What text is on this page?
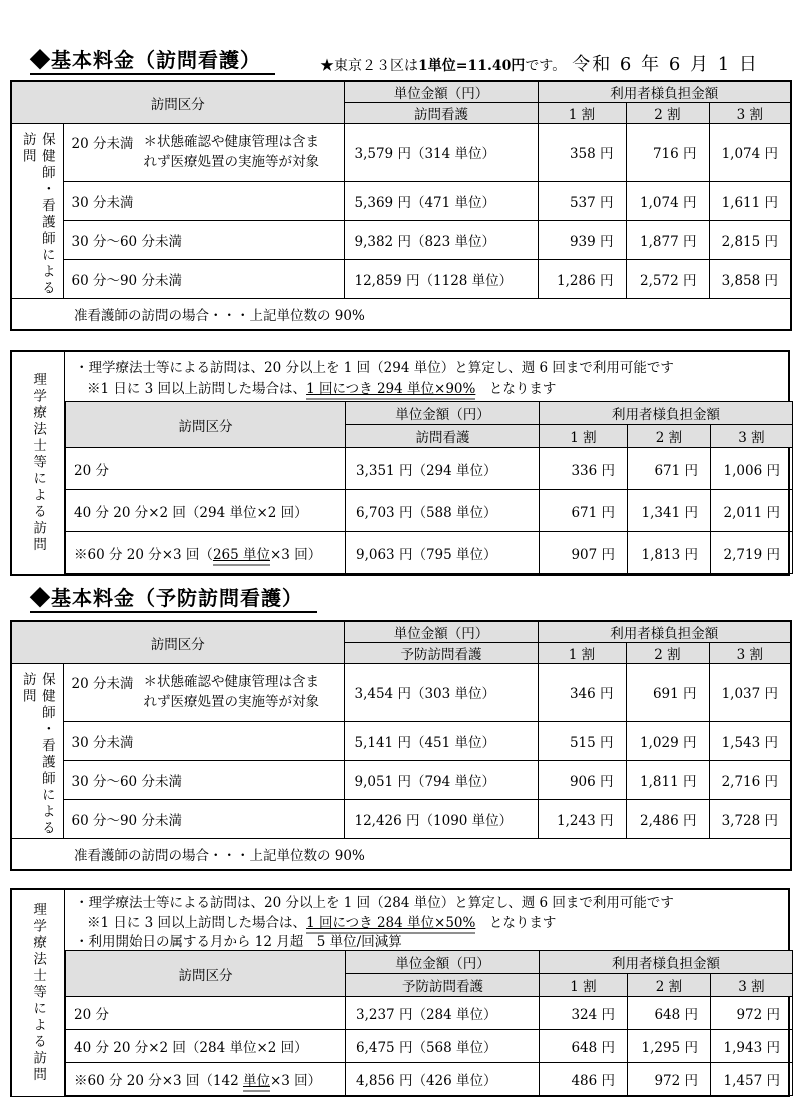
◆基本料金（訪問看護）	★東京２３区は1単位=11.40円です。 令和 6 年 6 月 1 日
訪問区分		単位金額（円）	利用者様負担金額		
		訪問看護	1 割	2 割	3 割

訪問 保健師・看護師による	20 分未満 ＊状態確認や健康管理は含まれず医療処置の実施等が対象	3,579 円（314 単位）	358 円	716 円	1,074 円
	30 分未満	5,369 円（471 単位）	537 円	1,074 円	1,611 円
	30 分～60 分未満	9,382 円（823 単位）	939 円	1,877 円	2,815 円
	60 分～90 分未満	12,859 円（1128 単位）	1,286 円	2,572 円	3,858 円
准看護師の訪問の場合・・・上記単位数の 90%					
理学療法士等による訪問
・理学療法士等による訪問は、20 分以上を 1 回（294 単位）と算定し、週 6 回まで利用可能です
※1 日に 3 回以上訪問した場合は、1 回につき 294 単位×90%　となります
訪問区分	単位金額（円）	利用者様負担金額		
	訪問看護	1 割	2 割	3 割
20 分	3,351 円（294 単位）	336 円	671 円	1,006 円
40 分 20 分×2 回（294 単位×2 回）	6,703 円（588 単位）	671 円	1,341 円	2,011 円
※60 分 20 分×3 回（265 単位×3 回）	9,063 円（795 単位）	907 円	1,813 円	2,719 円
◆基本料金（予防訪問看護）
訪問区分		単位金額（円）	利用者様負担金額		
		予防訪問看護	1 割	2 割	3 割

訪問 保健師・看護師による	20 分未満 ＊状態確認や健康管理は含まれず医療処置の実施等が対象	3,454 円（303 単位）	346 円	691 円	1,037 円
	30 分未満	5,141 円（451 単位）	515 円	1,029 円	1,543 円
	30 分～60 分未満	9,051 円（794 単位）	906 円	1,811 円	2,716 円
	60 分～90 分未満	12,426 円（1090 単位）	1,243 円	2,486 円	3,728 円
准看護師の訪問の場合・・・上記単位数の 90%					
理学療法士等による訪問 ・理学療法士等による訪問は、20 分以上を 1 回（284 単位）と算定し、週 6 回まで利用可能です
※1 日に 3 回以上訪問した場合は、1 回につき 284 単位×50%　となります
・利用開始日の属する月から 12 月超　5 単位/回減算
訪問区分	単位金額（円）	利用者様負担金額		
	予防訪問看護	1 割	2 割	3 割
20 分	3,237 円（284 単位）	324 円	648 円	972 円
40 分 20 分×2 回（284 単位×2 回）	6,475 円（568 単位）	648 円	1,295 円	1,943 円
※60 分 20 分×3 回（142 単位×3 回）	4,856 円（426 単位）	486 円	972 円	1,457 円
